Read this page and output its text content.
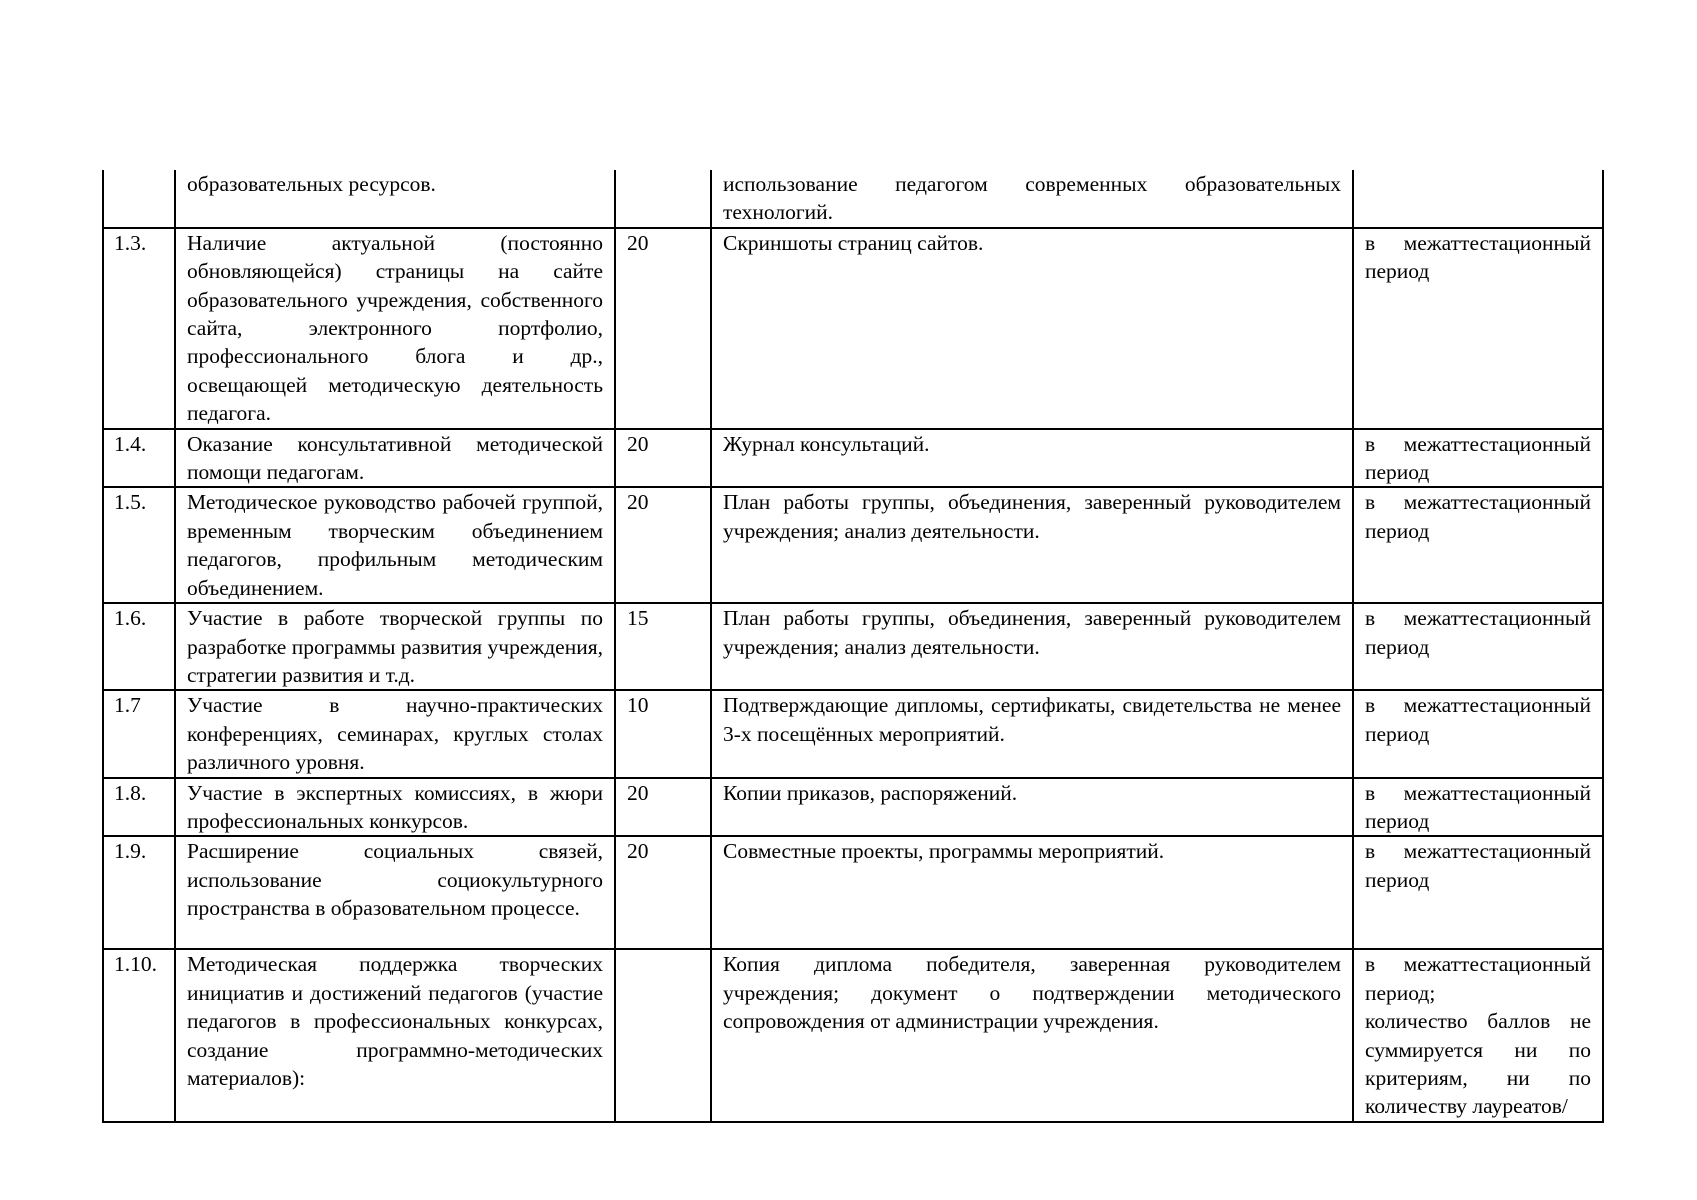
	образовательных ресурсов.		использование педагогом современных образовательных технологий.	
1.3.	Наличие актуальной (постоянно обновляющейся) страницы на сайте образовательного учреждения, собственного сайта, электронного портфолио, профессионального блога и др., освещающей методическую деятельность педагога.	20	Скриншоты страниц сайтов.	в межаттестационный период
1.4.	Оказание консультативной методической помощи педагогам.	20	Журнал консультаций.	в межаттестационный период
1.5.	Методическое руководство рабочей группой, временным творческим объединением педагогов, профильным методическим объединением.	20	План работы группы, объединения, заверенный руководителем учреждения; анализ деятельности.	в межаттестационный период
1.6.	Участие в работе творческой группы по разработке программы развития учреждения, стратегии развития и т.д.	15	План работы группы, объединения, заверенный руководителем учреждения; анализ деятельности.	в межаттестационный период
1.7	Участие в научно-практических конференциях, семинарах, круглых столах различного уровня.	10	Подтверждающие дипломы, сертификаты, свидетельства не менее 3-х посещённых мероприятий.	в межаттестационный период
1.8.	Участие в экспертных комиссиях, в жюри профессиональных конкурсов.	20	Копии приказов, распоряжений.	в межаттестационный период
1.9.	Расширение социальных связей, использование социокультурного пространства в образовательном процессе.	20	Совместные проекты, программы мероприятий.	в межаттестационный период
1.10.	Методическая поддержка творческих инициатив и достижений педагогов (участие педагогов в профессиональных конкурсах, создание программно-методических материалов):		Копия диплома победителя, заверенная руководителем учреждения; документ о подтверждении методического сопровождения от администрации учреждения.	в межаттестационный период;
количество баллов не суммируется ни по критериям, ни по количеству лауреатов/
